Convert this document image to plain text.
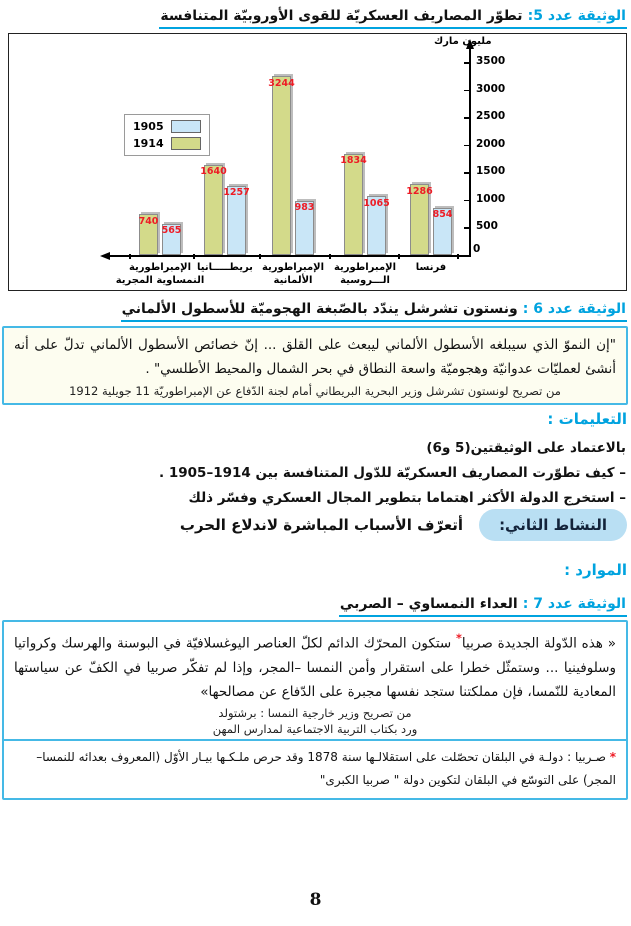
الوثيقة عدد 5: تطوّر المصاريف العسكريّة للقوى الأوروبيّة المتنافسة
مليون مارك
0
500
1000
1500
2000
2500
3000
3500
1286
854
فرنسا
1834
1065
الإمبراطورية
الـــروسية
3244
983
الإمبراطورية
الألمانية
1640
1257
بريطـــــانيا
740
565
الإمبراطورية
النمساوية المجرية
1905
1914
الوثيقة عدد 6 : ونستون تشرشل يندّد بالصّبغة الهجوميّة للأسطول الألماني

"إن النموّ الذي سيبلغه الأسطول الألماني ليبعث على القلق ... إنّ خصائص الأسطول الألماني تدلّ على أنه أنشئ لعمليّات عدوانيّة وهجوميّة واسعة النطاق في بحر الشمال والمحيط الأطلسي" .

من تصريح لونستون تشرشل وزير البحرية البريطاني أمام لجنة الدّفاع عن الإمبراطوريّة 11 جويلية 1912
التعليمات :
بالاعتماد على الوثيقتين(5 و6)
– كيف تطوّرت المصاريف العسكريّة للدّول المتنافسة بين ‪1905–1914‬ .
– استخرج الدولة الأكثر اهتماما بتطوير المجال العسكري وفسّر ذلك
النشاط الثاني:
أتعرّف الأسباب المباشرة لاندلاع الحرب
الموارد :
الوثيقة عدد 7 : العداء النمساوي – الصربي

« هذه الدّولة الجديدة صربيا* ستكون المحرّك الدائم لكلّ العناصر اليوغسلافيّة في البوسنة والهرسك وكرواتيا وسلوفينيا ... وستمثّل خطرا على استقرار وأمن النمسا –المجر، وإذا لم تفكّر صربيا في الكفّ عن سياستها المعادية للنّمسا، فإن مملكتنا ستجد نفسها مجبرة على الدّفاع عن مصالحها»

من تصريح وزير خارجية النمسا : برشتولد
ورد بكتاب التربية الاجتماعية لمدارس المهن

* صـربيا : دولـة في البلقان تحصّلت على استقلالـها سنة 1878 وقد حرص ملـكـها بيـار الأوّل (المعروف بعدائه للنمسا–المجر) على التوسّع في البلقان لتكوين دولة " صربيا الكبرى"

8
